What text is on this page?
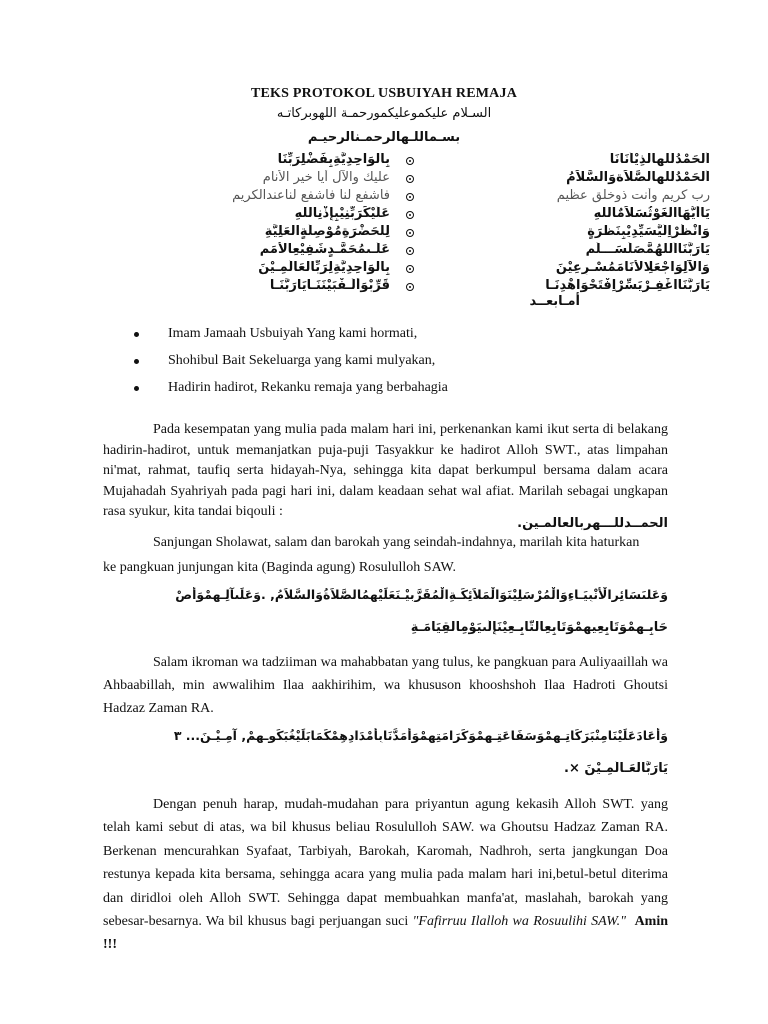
TEKS PROTOKOL USBUIYAH REMAJA
السـلام عليكموعليكمورحمـة اللهوبركاتـه
بسـماللـهالرحمـنالرحيـم
اَلْحَمْدُللهِالَّذِيْاَنَانَا
بِالْوَاحِدِيَّةِبِفَضْلِرَبِّنَا
اَلْحَمْدُللهِالصَّلاَةوَالسَّلاَمُ
عليك والآل أيا خير الأنام
رب كريم وأنت ذوخلق عظيم
فاشفع لنا فاشفع لناعندالكريم
يَاأَيُّهَاالْغَوْثُسَلاَمٌاللهِ
عَلَيْكَرَبِّنِيْبِإِذْنِاللهِ
وَانْظُرْاِلَيَّسَيِّدِيْبِنَظْرَةٍ
لِلْحَضْرَةِمُوْصِلَةٍالْعَلِيَّةِ
يَارَبَّنَااَللّٰهُمَّصَلِّسَـــلِّمِ
عَلَـىمُحَمَّـدٍشَفِيْعِالْأُمَمِ
وَالْآلِوَاجْعَلِالْأَنَامَمُسْـرِعِيْنَ
بِالْوَاحِدِيَّةِلِرَبِّالْعَالَمِـيْنَ
يَارَبَّنَااغْفِـرْيَسِّرْاِفْتَحْوَاهْدِنَـا
قَرِّبْوَأَلِّـفْبَيْنَنَـايَارَبَّنَـا
أمـابعــد
Imam Jamaah Usbuiyah Yang kami hormati,
Shohibul Bait Sekeluarga yang kami mulyakan,
Hadirin hadirot, Rekanku remaja yang berbahagia
Pada kesempatan yang mulia pada malam hari ini, perkenankan kami ikut serta di belakang hadirin-hadirot, untuk memanjatkan puja-puji Tasyakkur ke hadirot Alloh SWT., atas limpahan ni'mat, rahmat, taufiq serta hidayah-Nya, sehingga kita dapat berkumpul bersama dalam acara Mujahadah Syahriyah pada pagi hari ini, dalam keadaan sehat wal afiat. Marilah sebagai ungkapan rasa syukur, kita tandai biqouli :
الحمــدللـــهربالعالمـين.
Sanjungan Sholawat, salam dan barokah yang seindah-indahnya, marilah kita haturkan
ke pangkuan junjungan kita (Baginda agung) Rosululloh SAW.
وَعَلىَسَائِرِالْأَنْبِيَـاءِوَالْمُرْسَلِيْنَوَالْمَلاَئِكَـةِالْمُقَرَّبِيْـنَعَلَيْهِمُالصَّلاَةُوَالسَّلاَمُ, .وَعَلَىآلِـهِمْوَأَصْ
حَابِـهِمْوَتَابِعِيهِمْوَتَابِعِالتَّابِـعِيْنَإِلَىيَوْمِالْقِيَامَـةِ
Salam ikroman wa tadziiman wa mahabbatan yang tulus, ke pangkuan para Auliyaaillah wa Ahbaabillah, min awwalihim Ilaa aakhirihim, wa khususon khooshshoh Ilaa Hadroti Ghoutsi Hadzaz Zaman RA.
وَأَعَادَعَلَيْنَامِنْبَرَكَاتِـهِمْوَسَفَاعَتِـهِمْوَكَرَامَتِهِمْوَأَمَدَّنَابِأَمْدَادِهِمْكَمَابَلَيْغُبَكَوِـهِمْ, آمِـيْـنَ... ٣
يَارَبَّالْعَـالَمِـيْنَ ×.
Dengan penuh harap, mudah-mudahan para priyantun agung kekasih Alloh SWT. yang telah kami sebut di atas, wa bil khusus beliau Rosululloh SAW. wa Ghoutsu Hadzaz Zaman RA. Berkenan mencurahkan Syafaat, Tarbiyah, Barokah, Karomah, Nadhroh, serta jangkungan Doa restunya kepada kita bersama, sehingga acara yang mulia pada malam hari ini,betul-betul diterima dan diridloi oleh Alloh SWT. Sehingga dapat membuahkan manfa'at, maslahah, barokah yang sebesar-besarnya. Wa bil khusus bagi perjuangan suci "Fafirruu Ilalloh wa Rosuulihi SAW." Amin !!!
